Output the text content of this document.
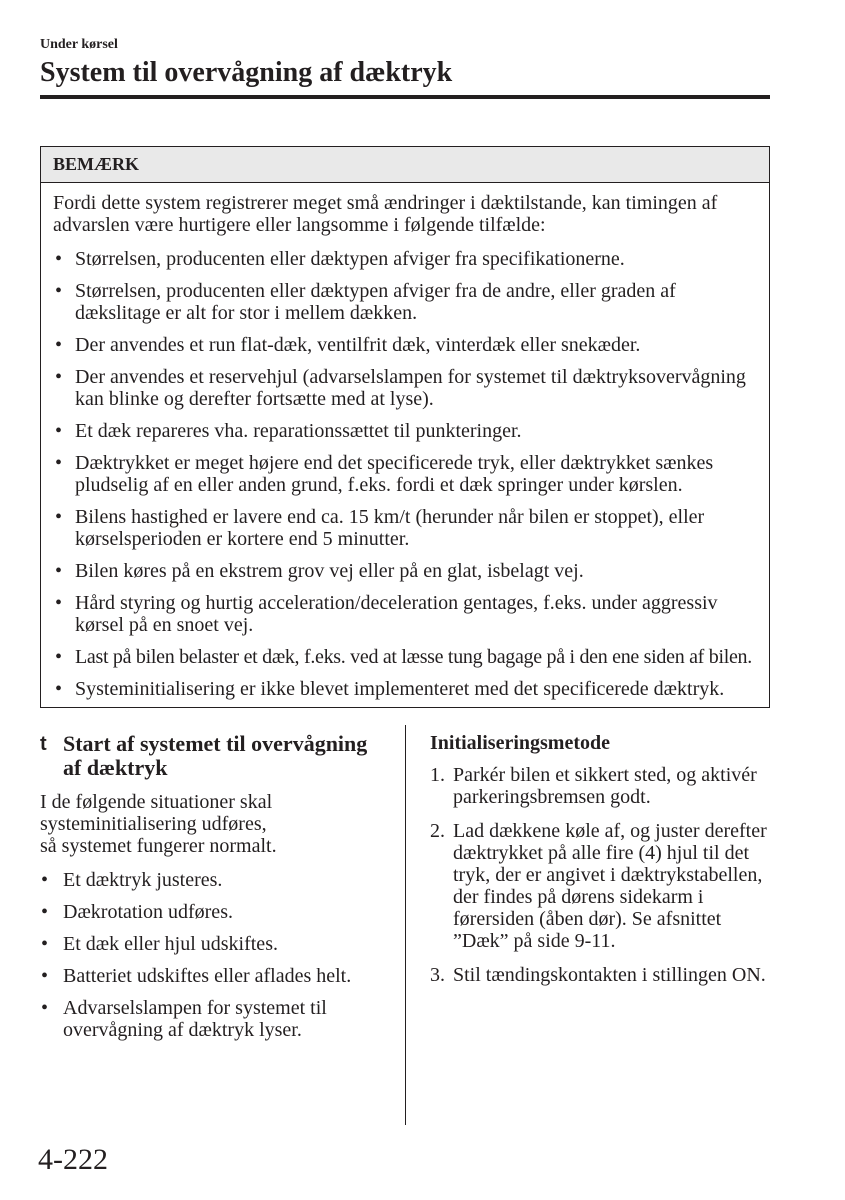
Under kørsel
System til overvågning af dæktryk
BEMÆRK

Fordi dette system registrerer meget små ændringer i dæktilstande, kan timingen af advarslen være hurtigere eller langsomme i følgende tilfælde:

• Størrelsen, producenten eller dæktypen afviger fra specifikationerne.
• Størrelsen, producenten eller dæktypen afviger fra de andre, eller graden af dækslitage er alt for stor i mellem dækken.
• Der anvendes et run flat-dæk, ventilfrit dæk, vinterdæk eller snekæder.
• Der anvendes et reservehjul (advarselslampen for systemet til dæktryksovervågning kan blinke og derefter fortsætte med at lyse).
• Et dæk repareres vha. reparationssættet til punkteringer.
• Dæktrykket er meget højere end det specificerede tryk, eller dæktrykket sænkes pludselig af en eller anden grund, f.eks. fordi et dæk springer under kørslen.
• Bilens hastighed er lavere end ca. 15 km/t (herunder når bilen er stoppet), eller kørselsperioden er kortere end 5 minutter.
• Bilen køres på en ekstrem grov vej eller på en glat, isbelagt vej.
• Hård styring og hurtig acceleration/deceleration gentages, f.eks. under aggressiv kørsel på en snoet vej.
• Last på bilen belaster et dæk, f.eks. ved at læsse tung bagage på i den ene siden af bilen.
• Systeminitialisering er ikke blevet implementeret med det specificerede dæktryk.
t Start af systemet til overvågning af dæktryk

I de følgende situationer skal systeminitialisering udføres, så systemet fungerer normalt.

• Et dæktryk justeres.
• Dækrotation udføres.
• Et dæk eller hjul udskiftes.
• Batteriet udskiftes eller aflades helt.
• Advarselslampen for systemet til overvågning af dæktryk lyser.
Initialiseringsmetode
1. Parkér bilen et sikkert sted, og aktivér parkeringsbremsen godt.
2. Lad dækkene køle af, og juster derefter dæktrykket på alle fire (4) hjul til det tryk, der er angivet i dæktrykstabellen, der findes på dørens sidekarm i førersiden (åben dør). Se afsnittet ”Dæk” på side 9-11.
3. Stil tændingskontakten i stillingen ON.
4-222
